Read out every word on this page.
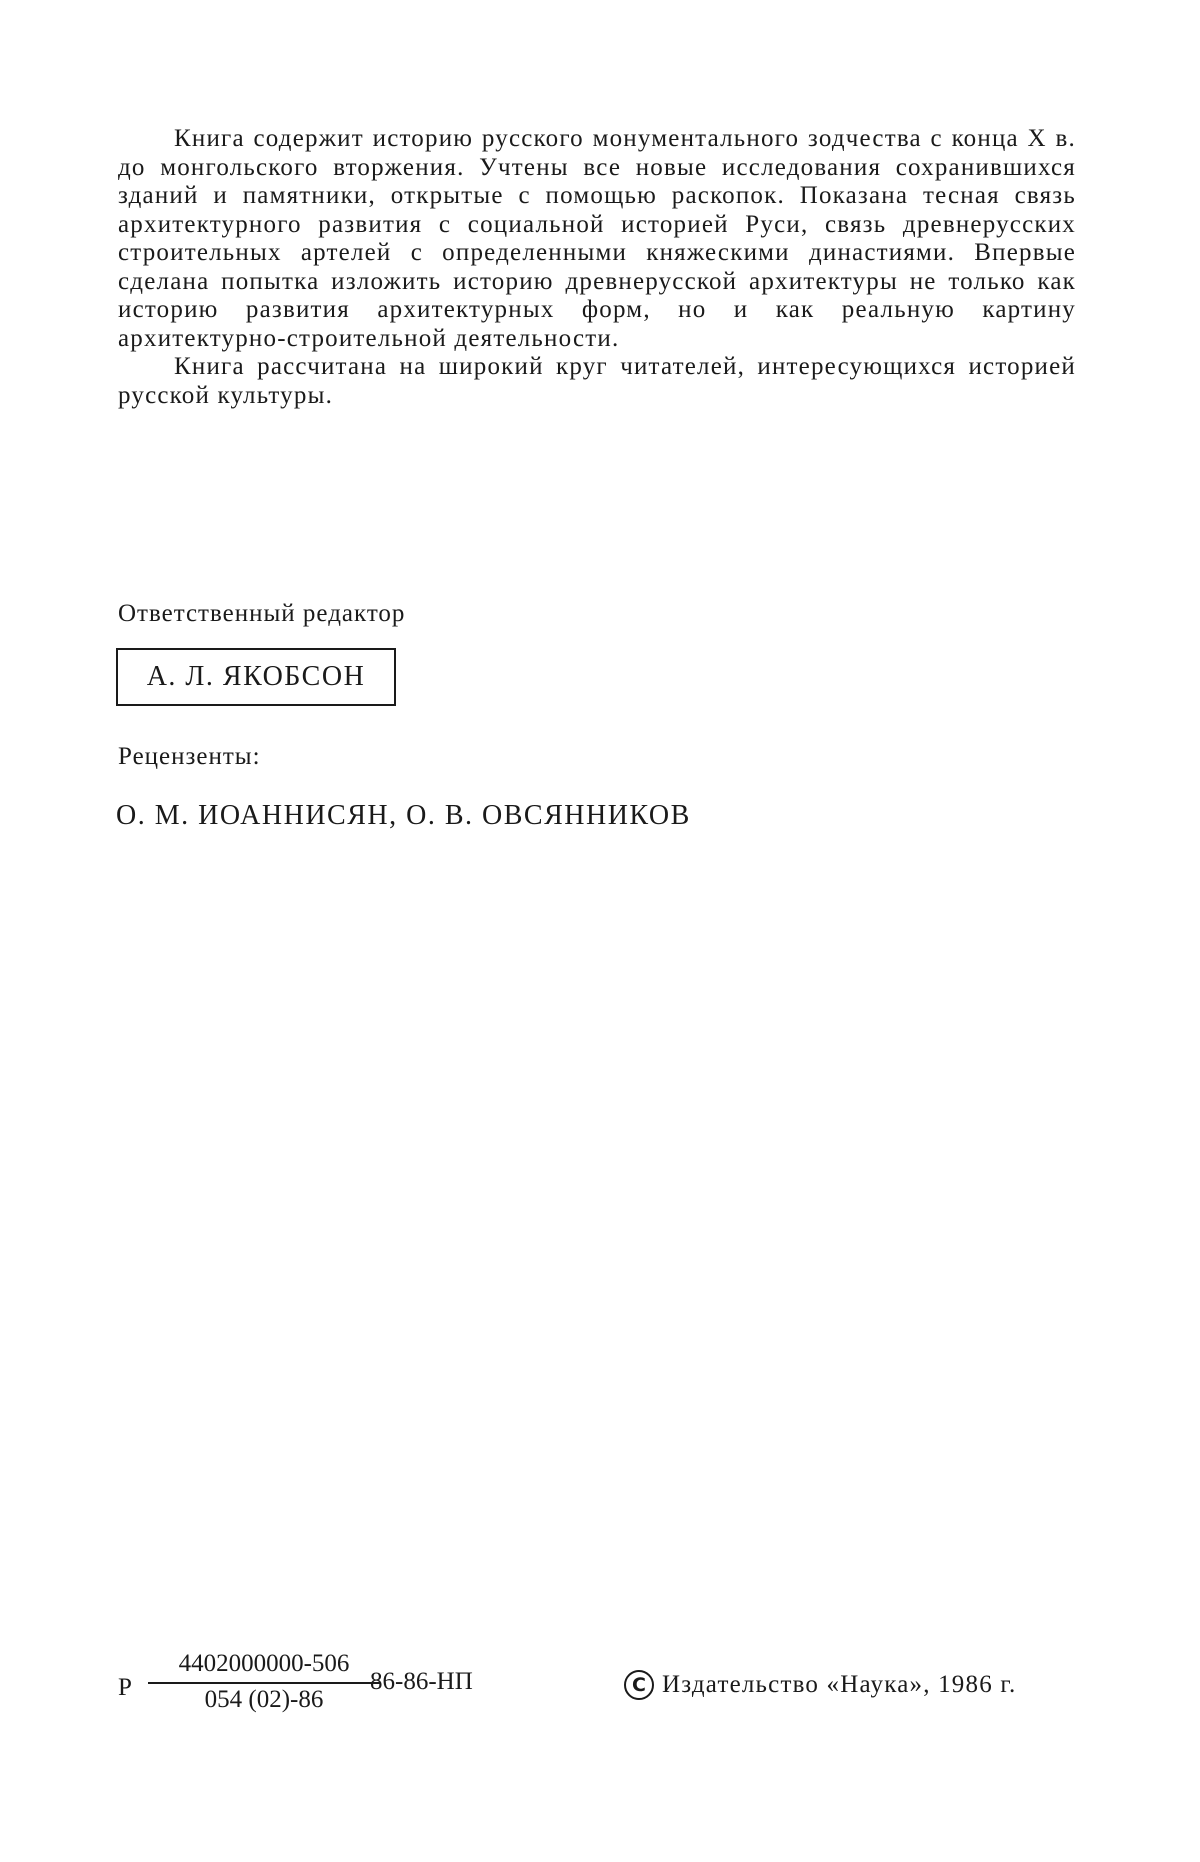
Книга содержит историю русского монументального зодчества с конца X в. до монгольского вторжения. Учтены все новые исследования сохранившихся зданий и памятники, открытые с помощью раскопок. Показана тесная связь архитектурного развития с социальной историей Руси, связь древнерусских строительных артелей с определенными княжескими династиями. Впервые сделана попытка изложить историю древнерусской архитектуры не только как историю развития архитектурных форм, но и как реальную картину архитектурно-строительной деятельности.

Книга рассчитана на широкий круг читателей, интересующихся историей русской культуры.

Ответственный редактор
А. Л. ЯКОБСОН
Рецензенты:
О. М. ИОАННИСЯН, О. В. ОВСЯННИКОВ
Р $\frac{4402000000-506}{054 (02)-86}$
86-86-НП	C Издательство «Наука», 1986 г.
